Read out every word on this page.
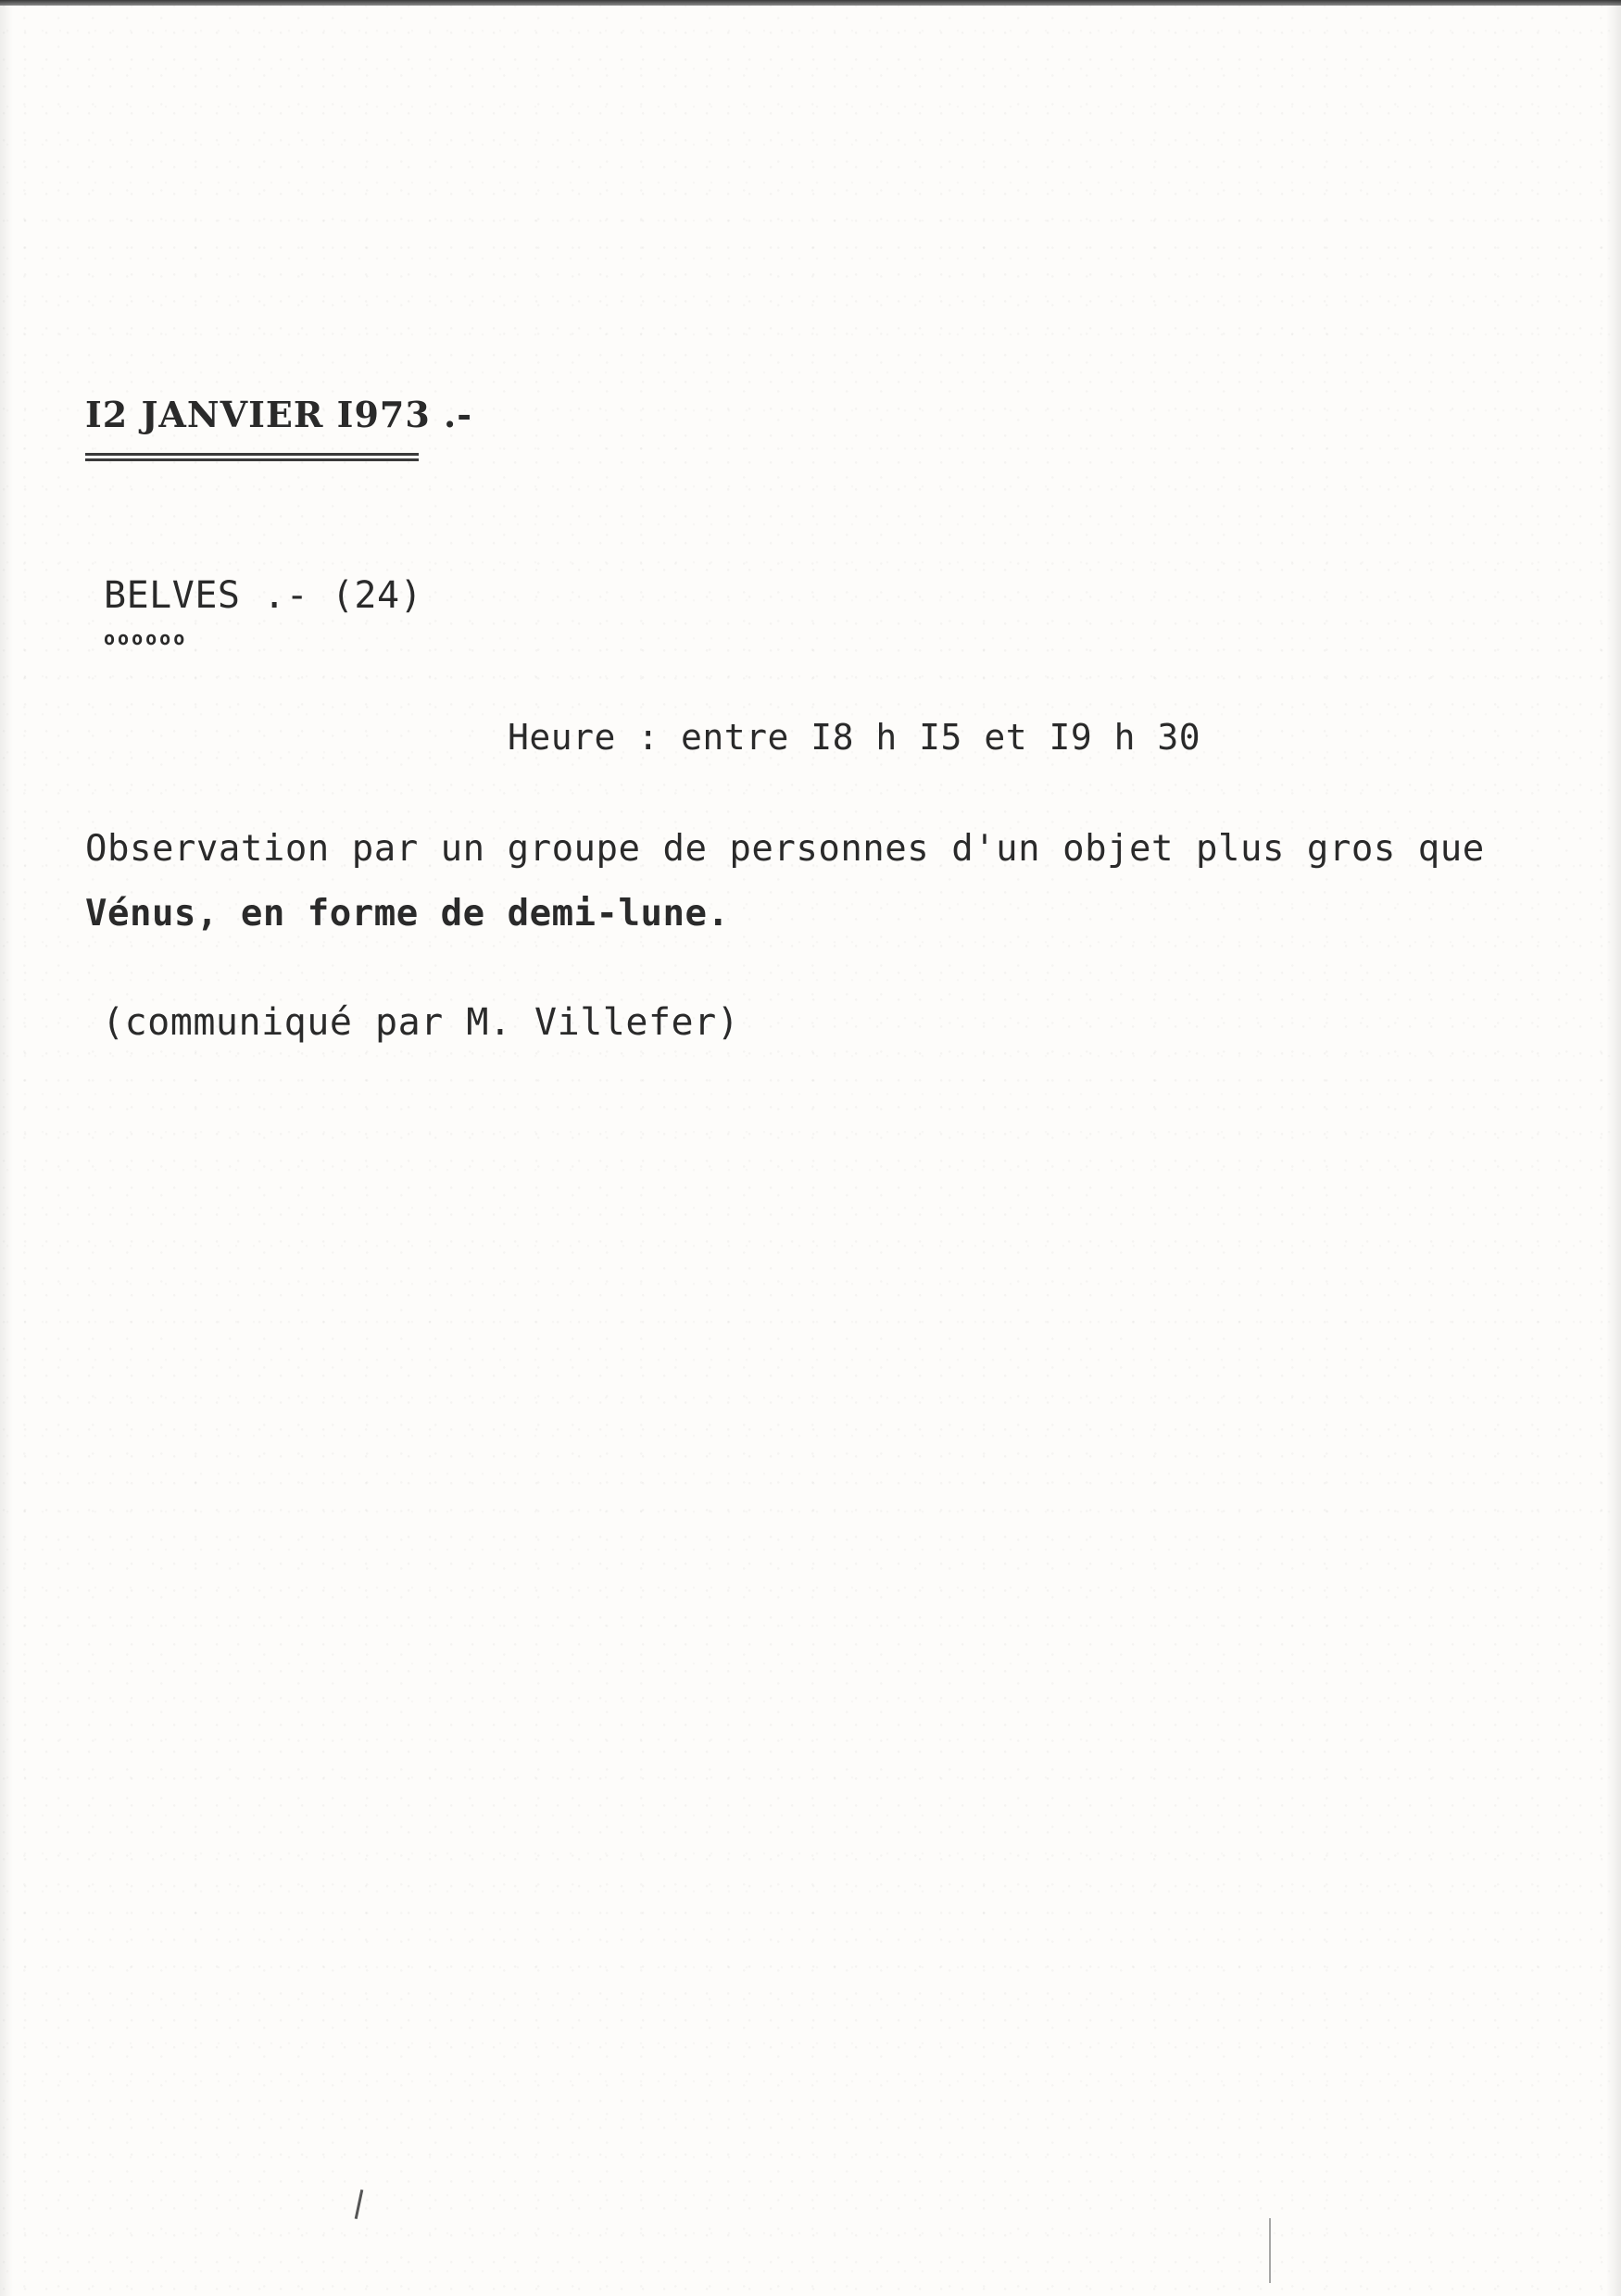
I2 JANVIER I973 .-
BELVES .- (24)
oooooo
Heure : entre I8 h I5 et I9 h 30
Observation par un groupe de personnes d'un objet plus gros que
Vénus, en forme de demi-lune.
(communiqué par M. Villefer)
